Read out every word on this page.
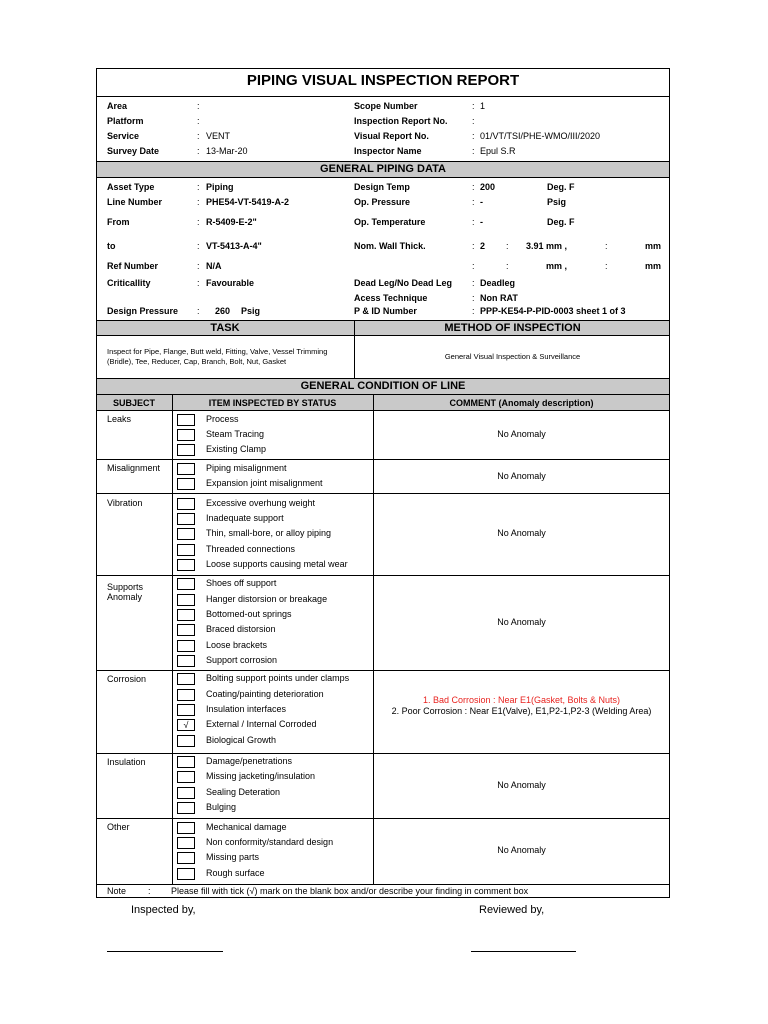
PIPING VISUAL INSPECTION REPORT
Area	:
Platform	:
Service	: VENT
Survey Date	: 13-Mar-20
Scope Number	: 1
Inspection Report No.	:
Visual Report No.	: 01/VT/TSI/PHE-WMO/III/2020
Inspector Name	: Epul S.R
GENERAL PIPING DATA
Asset Type	: Piping
Line Number	: PHE54-VT-5419-A-2
From	: R-5409-E-2"
to	: VT-5413-A-4"
Ref Number	: N/A
Criticallity	: Favourable
Design Pressure : 260 Psig
Design Temp	: 200	Deg. F
Op. Pressure	: -	Psig
Op. Temperature	: -	Deg. F
Nom. Wall Thick.	: 2 : 3.91 mm ,	:	mm
:	:	mm ,	:	mm
Dead Leg/No Dead Leg : Deadleg
Acess Technique	: Non RAT
P & ID Number	: PPP-KE54-P-PID-0003 sheet 1 of 3
TASK	METHOD OF INSPECTION
Inspect for Pipe, Flange, Butt weld, Fitting, Valve, Vessel Trimming (Bridle), Tee, Reducer, Cap, Branch, Bolt, Nut, Gasket
General Visual Inspection & Surveillance
GENERAL CONDITION OF LINE
SUBJECT	ITEM INSPECTED BY STATUS	COMMENT (Anomaly description)
Leaks	Process
Steam Tracing
Existing Clamp
No Anomaly
Misalignment	Piping misalignment
Expansion joint misalignment
No Anomaly
Vibration	Excessive overhung weight
Inadequate support
Thin, small-bore, or alloy piping
Threaded connections
Loose supports causing metal wear
No Anomaly
Supports
Anomaly
Shoes off support
Hanger distorsion or breakage
Bottomed-out springs
Braced distorsion
Loose brackets
Support corrosion
No Anomaly
Corrosion	Bolting support points under clamps
Coating/painting deterioration
Insulation interfaces
√	External / Internal Corroded
Biological Growth
1. Bad Corrosion : Near E1(Gasket, Bolts & Nuts)
2. Poor Corrosion : Near E1(Valve), E1,P2-1,P2-3 (Welding Area)
Insulation	Damage/penetrations
Missing jacketing/insulation
Sealing Deteration
Bulging
No Anomaly
Other	Mechanical damage
Non conformity/standard design
Missing parts
Rough surface
No Anomaly
Note : Please fill with tick (√) mark on the blank box and/or describe your finding in comment box
Inspected by,	Reviewed by,
